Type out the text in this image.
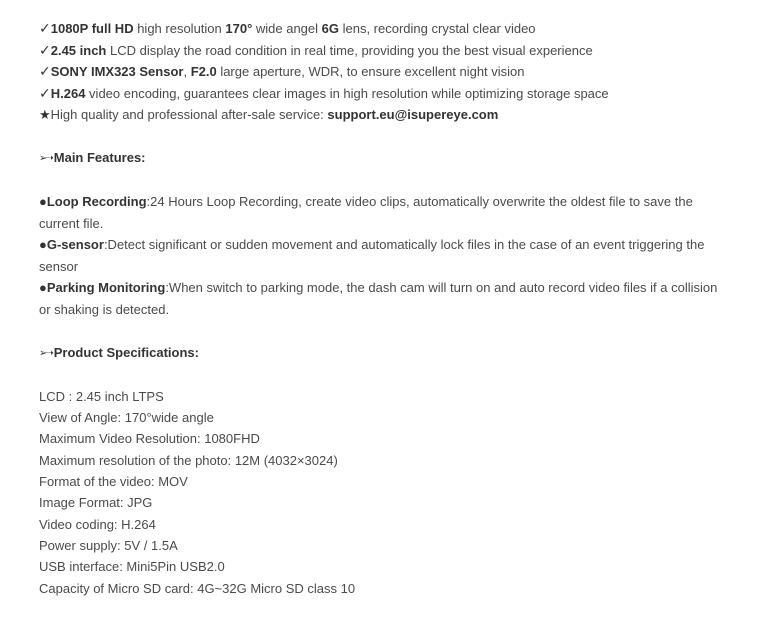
✓1080P full HD high resolution 170° wide angel 6G lens, recording crystal clear video

✓2.45 inch LCD display the road condition in real time, providing you the best visual experience

✓SONY IMX323 Sensor, F2.0 large aperture, WDR, to ensure excellent night vision

✓H.264 video encoding, guarantees clear images in high resolution while optimizing storage space

★High quality and professional after-sale service: support.eu@isupereye.com

➢➝ Main Features:

●Loop Recording:24 Hours Loop Recording, create video clips, automatically overwrite the oldest file to save the current file.

●G-sensor:Detect significant or sudden movement and automatically lock files in the case of an event triggering the sensor

●Parking Monitoring:When switch to parking mode, the dash cam will turn on and auto record video files if a collision or shaking is detected.

➢➝ Product Specifications:

LCD : 2.45 inch LTPS

View of Angle: 170°wide angle

Maximum Video Resolution: 1080FHD

Maximum resolution of the photo: 12M (4032×3024)

Format of the video: MOV

Image Format: JPG

Video coding: H.264

Power supply: 5V / 1.5A

USB interface: Mini5Pin USB2.0

Capacity of Micro SD card: 4G~32G Micro SD class 10
